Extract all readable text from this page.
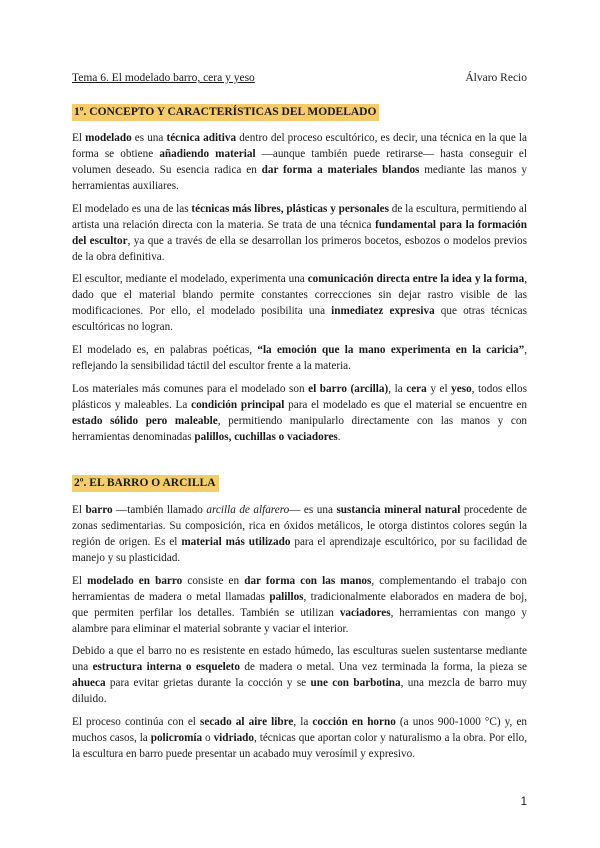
Tema 6. El modelado barro, cera y yeso	Álvaro Recio
1º. CONCEPTO Y CARACTERÍSTICAS DEL MODELADO

El modelado es una técnica aditiva dentro del proceso escultórico, es decir, una técnica en la que la forma se obtiene añadiendo material —aunque también puede retirarse— hasta conseguir el volumen deseado. Su esencia radica en dar forma a materiales blandos mediante las manos y herramientas auxiliares.

El modelado es una de las técnicas más libres, plásticas y personales de la escultura, permitiendo al artista una relación directa con la materia. Se trata de una técnica fundamental para la formación del escultor, ya que a través de ella se desarrollan los primeros bocetos, esbozos o modelos previos de la obra definitiva.

El escultor, mediante el modelado, experimenta una comunicación directa entre la idea y la forma, dado que el material blando permite constantes correcciones sin dejar rastro visible de las modificaciones. Por ello, el modelado posibilita una inmediatez expresiva que otras técnicas escultóricas no logran.

El modelado es, en palabras poéticas, “la emoción que la mano experimenta en la caricia”, reflejando la sensibilidad táctil del escultor frente a la materia.

Los materiales más comunes para el modelado son el barro (arcilla), la cera y el yeso, todos ellos plásticos y maleables. La condición principal para el modelado es que el material se encuentre en estado sólido pero maleable, permitiendo manipularlo directamente con las manos y con herramientas denominadas palillos, cuchillas o vaciadores.

2º. EL BARRO O ARCILLA

El barro —también llamado arcilla de alfarero— es una sustancia mineral natural procedente de zonas sedimentarias. Su composición, rica en óxidos metálicos, le otorga distintos colores según la región de origen. Es el material más utilizado para el aprendizaje escultórico, por su facilidad de manejo y su plasticidad.

El modelado en barro consiste en dar forma con las manos, complementando el trabajo con herramientas de madera o metal llamadas palillos, tradicionalmente elaborados en madera de boj, que permiten perfilar los detalles. También se utilizan vaciadores, herramientas con mango y alambre para eliminar el material sobrante y vaciar el interior.

Debido a que el barro no es resistente en estado húmedo, las esculturas suelen sustentarse mediante una estructura interna o esqueleto de madera o metal. Una vez terminada la forma, la pieza se ahueca para evitar grietas durante la cocción y se une con barbotina, una mezcla de barro muy diluido.

El proceso continúa con el secado al aire libre, la cocción en horno (a unos 900-1000 °C) y, en muchos casos, la policromía o vidriado, técnicas que aportan color y naturalismo a la obra. Por ello, la escultura en barro puede presentar un acabado muy verosímil y expresivo.

1
